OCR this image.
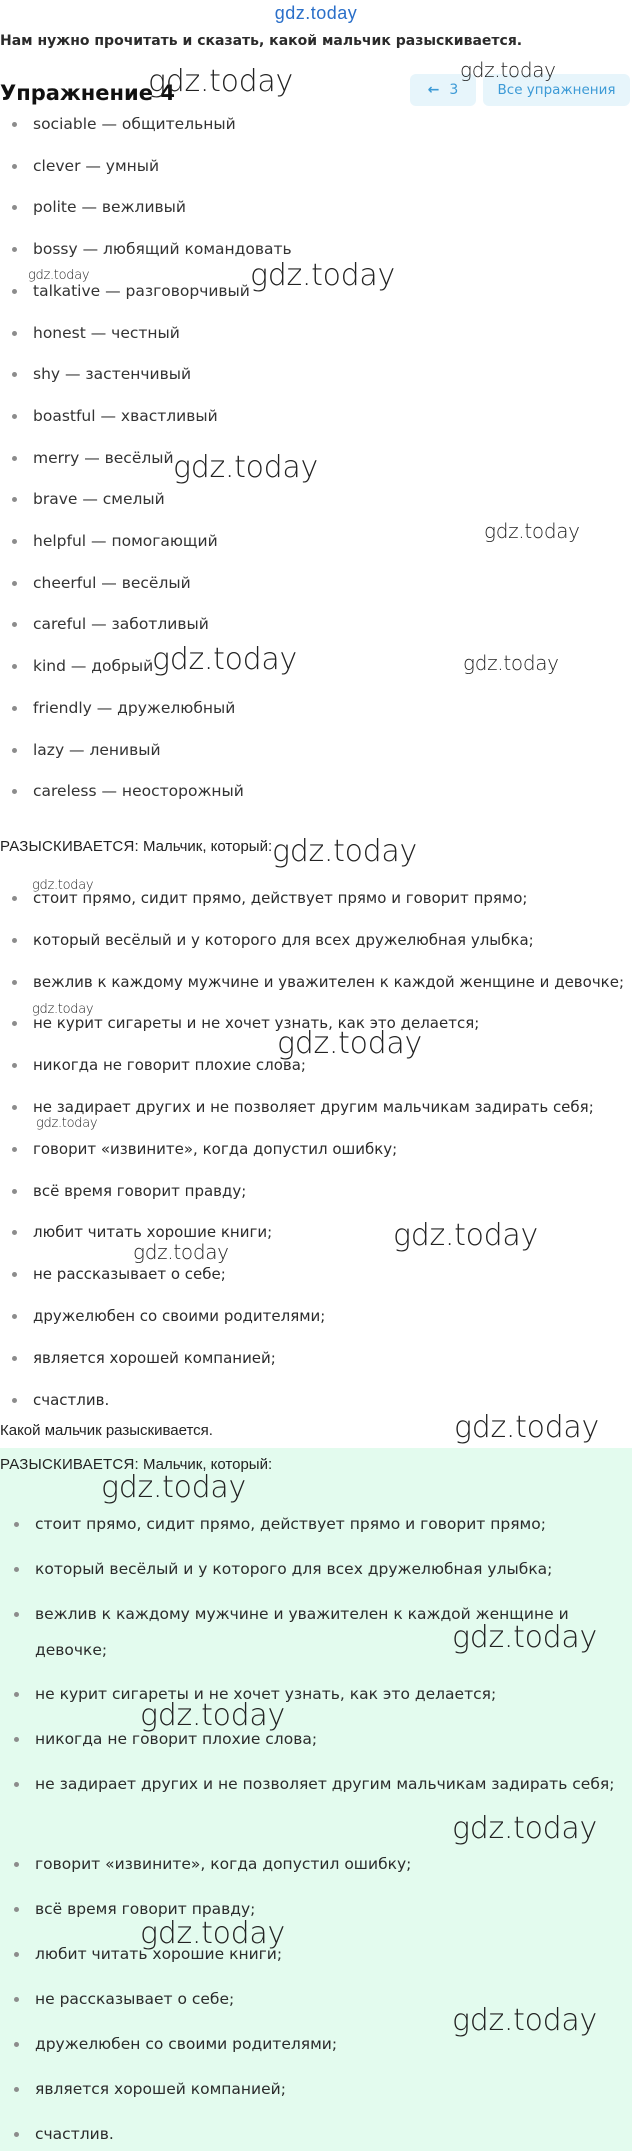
gdz.today
Нам нужно прочитать и сказать, какой мальчик разыскивается.
Упражнение 4	← 3	Все упражнения
sociable — общительный
clever — умный
polite — вежливый
bossy — любящий командовать
talkative — разговорчивый
honest — честный
shy — застенчивый
boastful — хвастливый
merry — весёлый
brave — смелый
helpful — помогающий
cheerful — весёлый
careful — заботливый
kind — добрый
friendly — дружелюбный
lazy — ленивый
careless — неосторожный
РАЗЫСКИВАЕТСЯ: Мальчик, который:
стоит прямо, сидит прямо, действует прямо и говорит прямо;
который весёлый и у которого для всех дружелюбная улыбка;
вежлив к каждому мужчине и уважителен к каждой женщине и девочке;
не курит сигареты и не хочет узнать, как это делается;
никогда не говорит плохие слова;
не задирает других и не позволяет другим мальчикам задирать себя;
говорит «извините», когда допустил ошибку;
всё время говорит правду;
любит читать хорошие книги;
не рассказывает о себе;
дружелюбен со своими родителями;
является хорошей компанией;
счастлив.
Какой мальчик разыскивается.
РАЗЫСКИВАЕТСЯ: Мальчик, который:
стоит прямо, сидит прямо, действует прямо и говорит прямо;
который весёлый и у которого для всех дружелюбная улыбка;
вежлив к каждому мужчине и уважителен к каждой женщине и девочке;
не курит сигареты и не хочет узнать, как это делается;
никогда не говорит плохие слова;
не задирает других и не позволяет другим мальчикам задирать себя;
говорит «извините», когда допустил ошибку;
всё время говорит правду;
любит читать хорошие книги;
не рассказывает о себе;
дружелюбен со своими родителями;
является хорошей компанией;
счастлив.
gdz.today	gdz.today
gdz.today	gdz.today
gdz.today
gdz.today
gdz.today	gdz.today
gdz.today
gdz.today
gdz.today
gdz.today
gdz.today
gdz.today
gdz.today
gdz.today
gdz.today
gdz.today
gdz.today
gdz.today
gdz.today
gdz.today
